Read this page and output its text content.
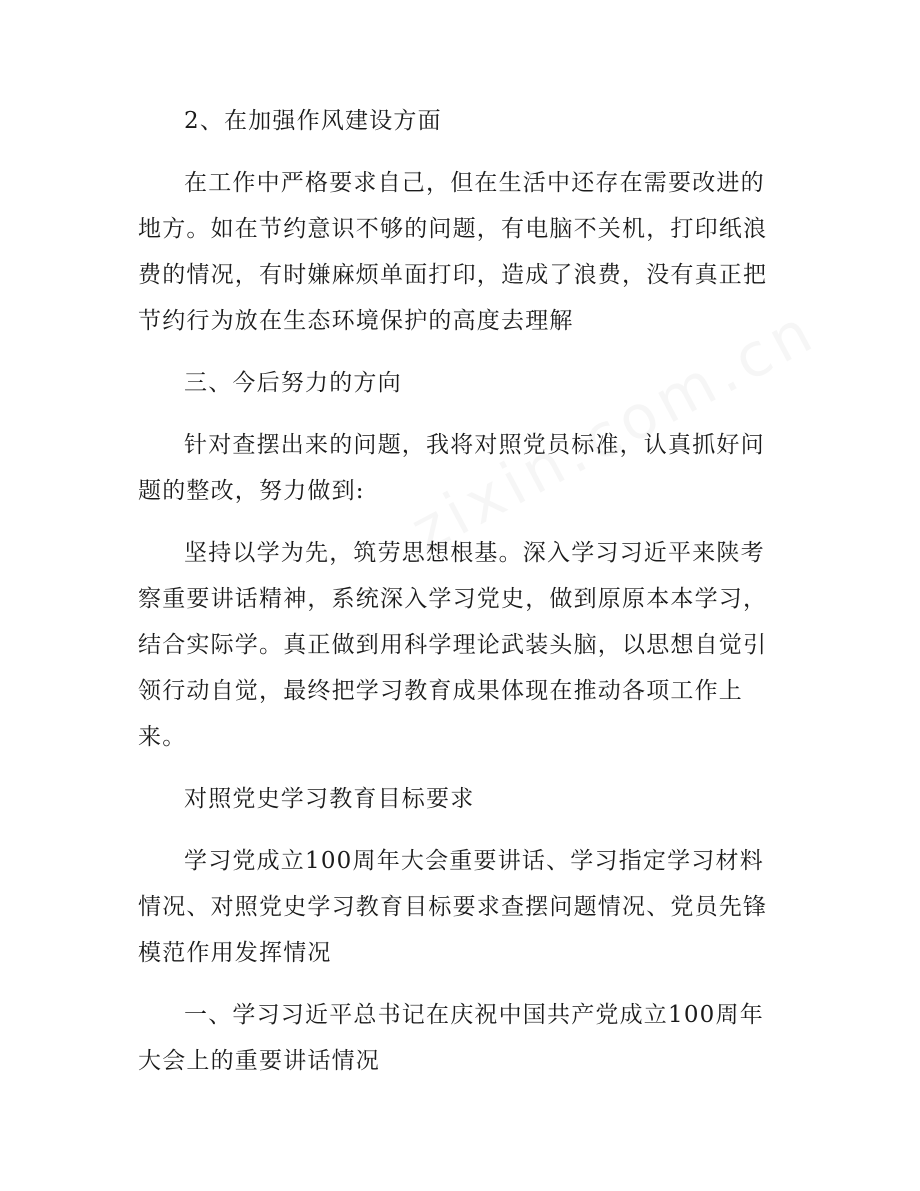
2、在加强作风建设方面

在工作中严格要求自己，但在生活中还存在需要改进的地方。如在节约意识不够的问题，有电脑不关机，打印纸浪费的情况，有时嫌麻烦单面打印，造成了浪费，没有真正把节约行为放在生态环境保护的高度去理解

三、今后努力的方向

针对查摆出来的问题，我将对照党员标准，认真抓好问题的整改，努力做到:

坚持以学为先，筑劳思想根基。深入学习习近平来陕考察重要讲话精神，系统深入学习党史，做到原原本本学习，结合实际学。真正做到用科学理论武装头脑，以思想自觉引领行动自觉，最终把学习教育成果体现在推动各项工作上来。

对照党史学习教育目标要求

学习党成立100周年大会重要讲话、学习指定学习材料情况、对照党史学习教育目标要求查摆问题情况、党员先锋模范作用发挥情况

一、学习习近平总书记在庆祝中国共产党成立100周年大会上的重要讲话情况
